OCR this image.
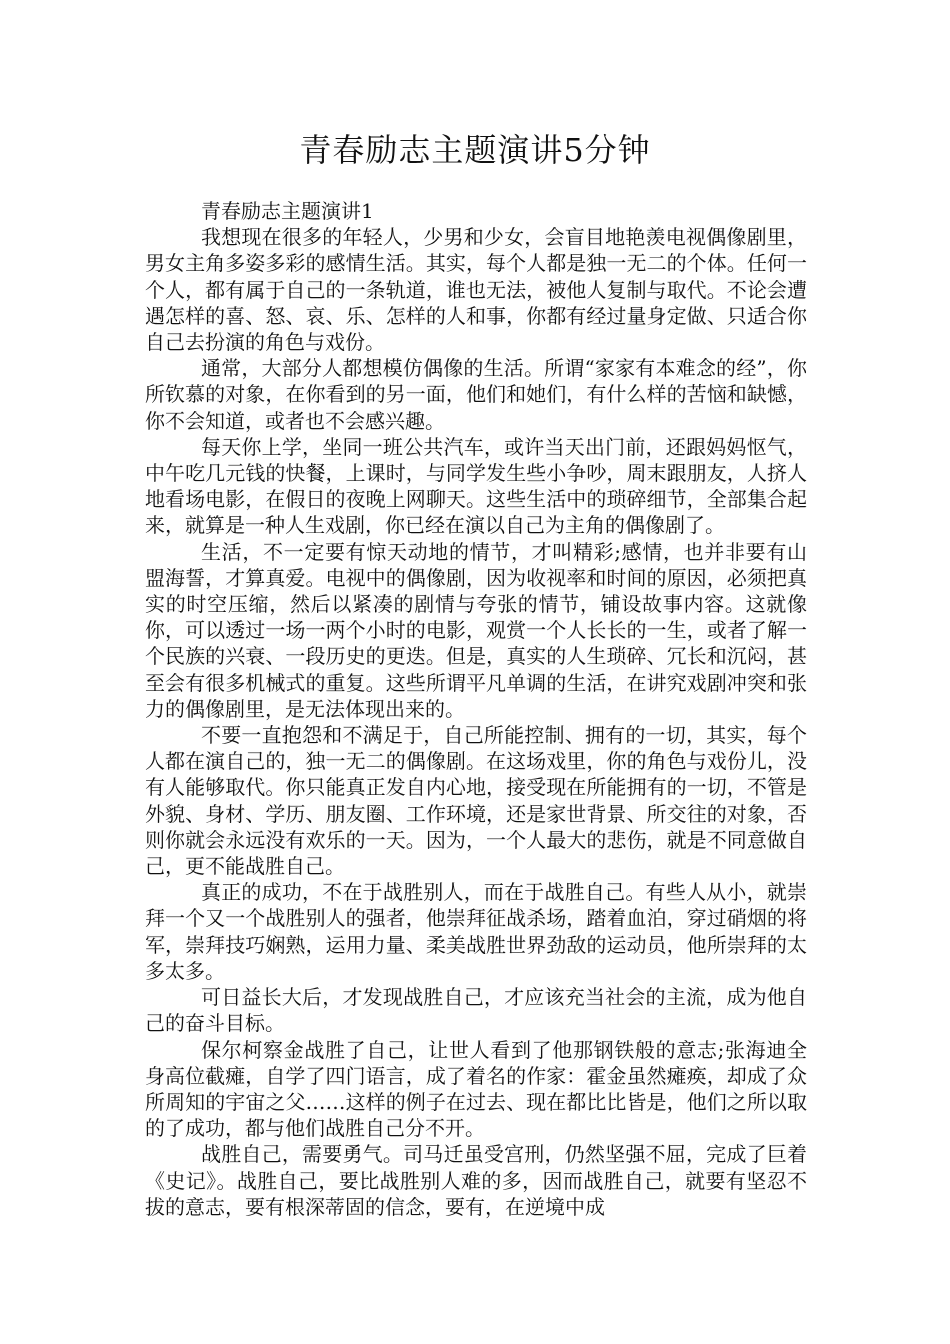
青春励志主题演讲5分钟

青春励志主题演讲1

我想现在很多的年轻人，少男和少女，会盲目地艳羡电视偶像剧里，男女主角多姿多彩的感情生活。其实，每个人都是独一无二的个体。任何一个人，都有属于自己的一条轨道，谁也无法，被他人复制与取代。不论会遭遇怎样的喜、怒、哀、乐、怎样的人和事，你都有经过量身定做、只适合你自己去扮演的角色与戏份。

通常，大部分人都想模仿偶像的生活。所谓“家家有本难念的经”，你所钦慕的对象，在你看到的另一面，他们和她们，有什么样的苦恼和缺憾，你不会知道，或者也不会感兴趣。

每天你上学，坐同一班公共汽车，或许当天出门前，还跟妈妈怄气，中午吃几元钱的快餐，上课时，与同学发生些小争吵，周末跟朋友，人挤人地看场电影，在假日的夜晚上网聊天。这些生活中的琐碎细节，全部集合起来，就算是一种人生戏剧，你已经在演以自己为主角的偶像剧了。

生活，不一定要有惊天动地的情节，才叫精彩;感情，也并非要有山盟海誓，才算真爱。电视中的偶像剧，因为收视率和时间的原因，必须把真实的时空压缩，然后以紧凑的剧情与夸张的情节，铺设故事内容。这就像你，可以透过一场一两个小时的电影，观赏一个人长长的一生，或者了解一个民族的兴衰、一段历史的更迭。但是，真实的人生琐碎、冗长和沉闷，甚至会有很多机械式的重复。这些所谓平凡单调的生活，在讲究戏剧冲突和张力的偶像剧里，是无法体现出来的。

不要一直抱怨和不满足于，自己所能控制、拥有的一切，其实，每个人都在演自己的，独一无二的偶像剧。在这场戏里，你的角色与戏份儿，没有人能够取代。你只能真正发自内心地，接受现在所能拥有的一切，不管是外貌、身材、学历、朋友圈、工作环境，还是家世背景、所交往的对象，否则你就会永远没有欢乐的一天。因为，一个人最大的悲伤，就是不同意做自己，更不能战胜自己。

真正的成功，不在于战胜别人，而在于战胜自己。有些人从小，就崇拜一个又一个战胜别人的强者，他崇拜征战杀场，踏着血泊，穿过硝烟的将军，崇拜技巧娴熟，运用力量、柔美战胜世界劲敌的运动员，他所崇拜的太多太多。

可日益长大后，才发现战胜自己，才应该充当社会的主流，成为他自己的奋斗目标。

保尔柯察金战胜了自己，让世人看到了他那钢铁般的意志;张海迪全身高位截瘫，自学了四门语言，成了着名的作家：霍金虽然瘫痪，却成了众所周知的宇宙之父……这样的例子在过去、现在都比比皆是，他们之所以取的了成功，都与他们战胜自己分不开。

战胜自己，需要勇气。司马迁虽受宫刑，仍然坚强不屈，完成了巨着《史记》。战胜自己，要比战胜别人难的多，因而战胜自己，就要有坚忍不拔的意志，要有根深蒂固的信念，要有，在逆境中成
